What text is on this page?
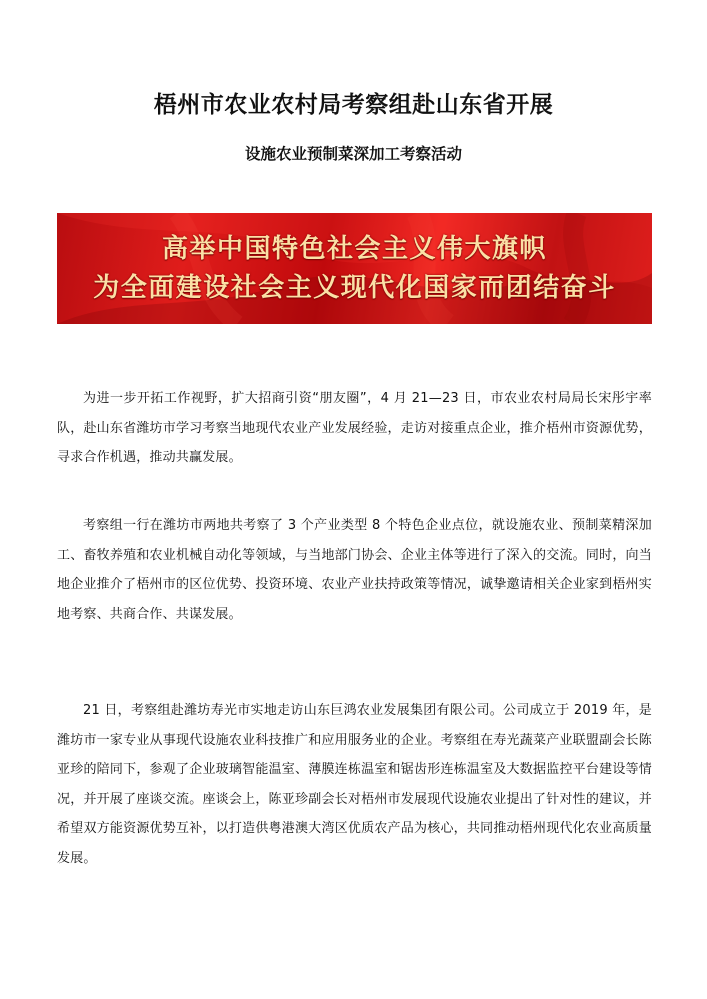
梧州市农业农村局考察组赴山东省开展
设施农业预制菜深加工考察活动
高举中国特色社会主义伟大旗帜
为全面建设社会主义现代化国家而团结奋斗

为进一步开拓工作视野，扩大招商引资“朋友圈”，4 月 21—23 日，市农业农村局局长宋彤宇率队，赴山东省潍坊市学习考察当地现代农业产业发展经验，走访对接重点企业，推介梧州市资源优势，寻求合作机遇，推动共赢发展。

考察组一行在潍坊市两地共考察了 3 个产业类型 8 个特色企业点位，就设施农业、预制菜精深加工、畜牧养殖和农业机械自动化等领域，与当地部门协会、企业主体等进行了深入的交流。同时，向当地企业推介了梧州市的区位优势、投资环境、农业产业扶持政策等情况，诚挚邀请相关企业家到梧州实地考察、共商合作、共谋发展。

21 日，考察组赴潍坊寿光市实地走访山东巨鸿农业发展集团有限公司。公司成立于 2019 年，是潍坊市一家专业从事现代设施农业科技推广和应用服务业的企业。考察组在寿光蔬菜产业联盟副会长陈亚珍的陪同下，参观了企业玻璃智能温室、薄膜连栋温室和锯齿形连栋温室及大数据监控平台建设等情况，并开展了座谈交流。座谈会上，陈亚珍副会长对梧州市发展现代设施农业提出了针对性的建议，并希望双方能资源优势互补，以打造供粤港澳大湾区优质农产品为核心，共同推动梧州现代化农业高质量发展。
